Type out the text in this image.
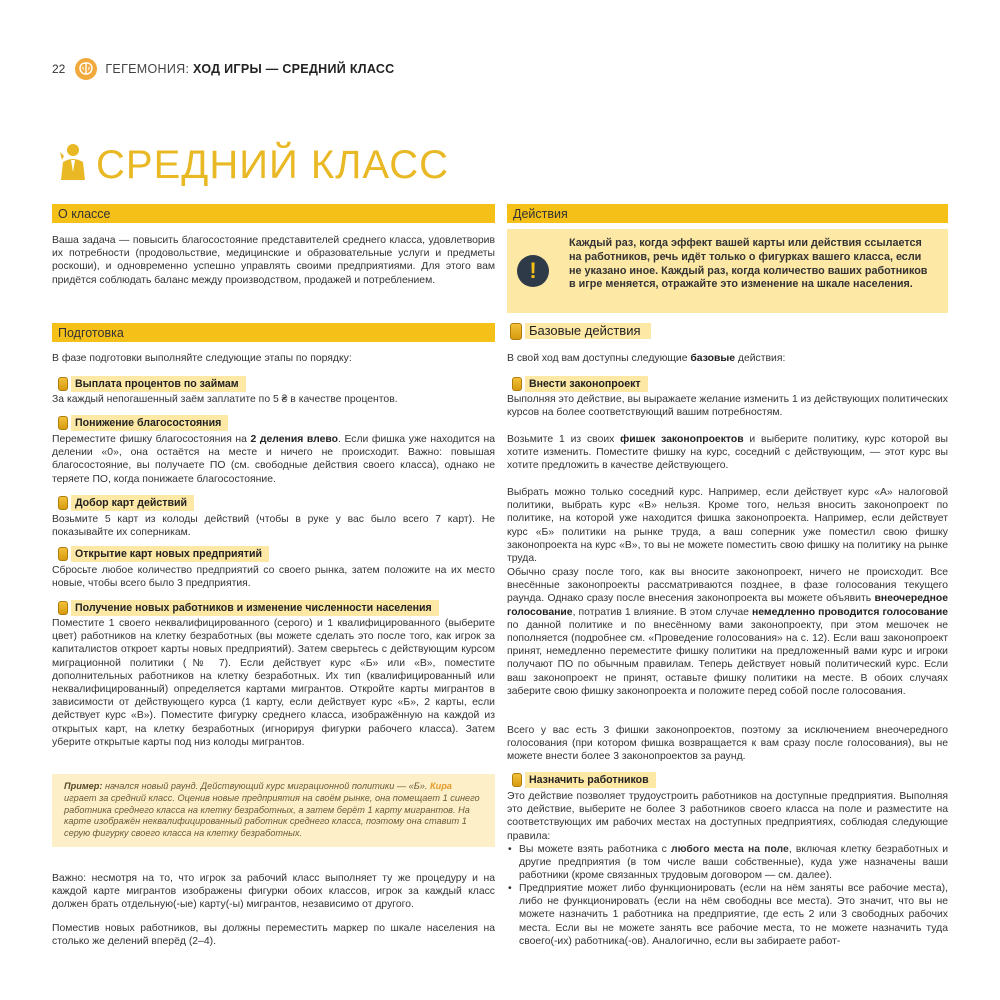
22	ГЕГЕМОНИЯ: ХОД ИГРЫ — СРЕДНИЙ КЛАСС
СРЕДНИЙ КЛАСС
О классе
Ваша задача — повысить благосостояние представителей среднего класса, удовлетворив их потребности (продовольствие, медицинские и образовательные услуги и предметы роскоши), и одновременно успешно управлять своими предприятиями. Для этого вам придётся соблюдать баланс между производством, продажей и потреблением.
Подготовка
В фазе подготовки выполняйте следующие этапы по порядку:
Выплата процентов по займам
За каждый непогашенный заём заплатите по 5 ₴ в качестве процентов.
Понижение благосостояния
Переместите фишку благосостояния на 2 деления влево. Если фишка уже находится на делении «0», она остаётся на месте и ничего не происходит. Важно: повышая благосостояние, вы получаете ПО (см. свободные действия своего класса), однако не теряете ПО, когда понижаете благосостояние.
Добор карт действий
Возьмите 5 карт из колоды действий (чтобы в руке у вас было всего 7 карт). Не показывайте их соперникам.
Открытие карт новых предприятий
Сбросьте любое количество предприятий со своего рынка, затем положите на их место новые, чтобы всего было 3 предприятия.
Получение новых работников и изменение численности населения
Поместите 1 своего неквалифицированного (серого) и 1 квалифицированного (выберите цвет) работников на клетку безработных (вы можете сделать это после того, как игрок за капиталистов откроет карты новых предприятий). Затем сверьтесь с действующим курсом миграционной политики (№ 7). Если действует курс «Б» или «В», поместите дополнительных работников на клетку безработных. Их тип (квалифицированный или неквалифицированный) определяется картами мигрантов. Откройте карты мигрантов в зависимости от действующего курса (1 карту, если действует курс «Б», 2 карты, если действует курс «В»). Поместите фигурку среднего класса, изображённую на каждой из открытых карт, на клетку безработных (игнорируя фигурки рабочего класса). Затем уберите открытые карты под низ колоды мигрантов.
Пример: начался новый раунд. Действующий курс миграционной политики — «Б». Кира играет за средний класс. Оценив новые предприятия на своём рынке, она помещает 1 синего работника среднего класса на клетку безработных, а затем берёт 1 карту мигрантов. На карте изображён неквалифицированный работник среднего класса, поэтому она ставит 1 серую фигурку своего класса на клетку безработных.
Важно: несмотря на то, что игрок за рабочий класс выполняет ту же процедуру и на каждой карте мигрантов изображены фигурки обоих классов, игрок за каждый класс должен брать отдельную(-ые) карту(-ы) мигрантов, независимо от другого.
Поместив новых работников, вы должны переместить маркер по шкале населения на столько же делений вперёд (2–4).
Действия
!
Каждый раз, когда эффект вашей карты или действия ссылается на работников, речь идёт только о фигурках вашего класса, если не указано иное. Каждый раз, когда количество ваших работников в игре меняется, отражайте это изменение на шкале населения.
Базовые действия
В свой ход вам доступны следующие базовые действия:
Внести законопроект
Выполняя это действие, вы выражаете желание изменить 1 из действующих политических курсов на более соответствующий вашим потребностям.
Возьмите 1 из своих фишек законопроектов и выберите политику, курс которой вы хотите изменить. Поместите фишку на курс, соседний с действующим, — этот курс вы хотите предложить в качестве действующего.
Выбрать можно только соседний курс. Например, если действует курс «А» налоговой политики, выбрать курс «В» нельзя. Кроме того, нельзя вносить законопроект по политике, на которой уже находится фишка законопроекта. Например, если действует курс «Б» политики на рынке труда, а ваш соперник уже поместил свою фишку законопроекта на курс «В», то вы не можете поместить свою фишку на политику на рынке труда.
Обычно сразу после того, как вы вносите законопроект, ничего не происходит. Все внесённые законопроекты рассматриваются позднее, в фазе голосования текущего раунда. Однако сразу после внесения законопроекта вы можете объявить внеочередное голосование, потратив 1 влияние. В этом случае немедленно проводится голосование по данной политике и по внесённому вами законопроекту, при этом мешочек не пополняется (подробнее см. «Проведение голосования» на с. 12). Если ваш законопроект принят, немедленно переместите фишку политики на предложенный вами курс и игроки получают ПО по обычным правилам. Теперь действует новый политический курс. Если ваш законопроект не принят, оставьте фишку политики на месте. В обоих случаях заберите свою фишку законопроекта и положите перед собой после голосования.
Всего у вас есть 3 фишки законопроектов, поэтому за исключением внеочередного голосования (при котором фишка возвращается к вам сразу после голосования), вы не можете внести более 3 законопроектов за раунд.
Назначить работников
Это действие позволяет трудоустроить работников на доступные предприятия. Выполняя это действие, выберите не более 3 работников своего класса на поле и разместите на соответствующих им рабочих местах на доступных предприятиях, соблюдая следующие правила:
• Вы можете взять работника с любого места на поле, включая клетку безработных и другие предприятия (в том числе ваши собственные), куда уже назначены ваши работники (кроме связанных трудовым договором — см. далее).
• Предприятие может либо функционировать (если на нём заняты все рабочие места), либо не функционировать (если на нём свободны все места). Это значит, что вы не можете назначить 1 работника на предприятие, где есть 2 или 3 свободных рабочих места. Если вы не можете занять все рабочие места, то не можете назначить туда своего(-их) работника(-ов). Аналогично, если вы забираете работ-
